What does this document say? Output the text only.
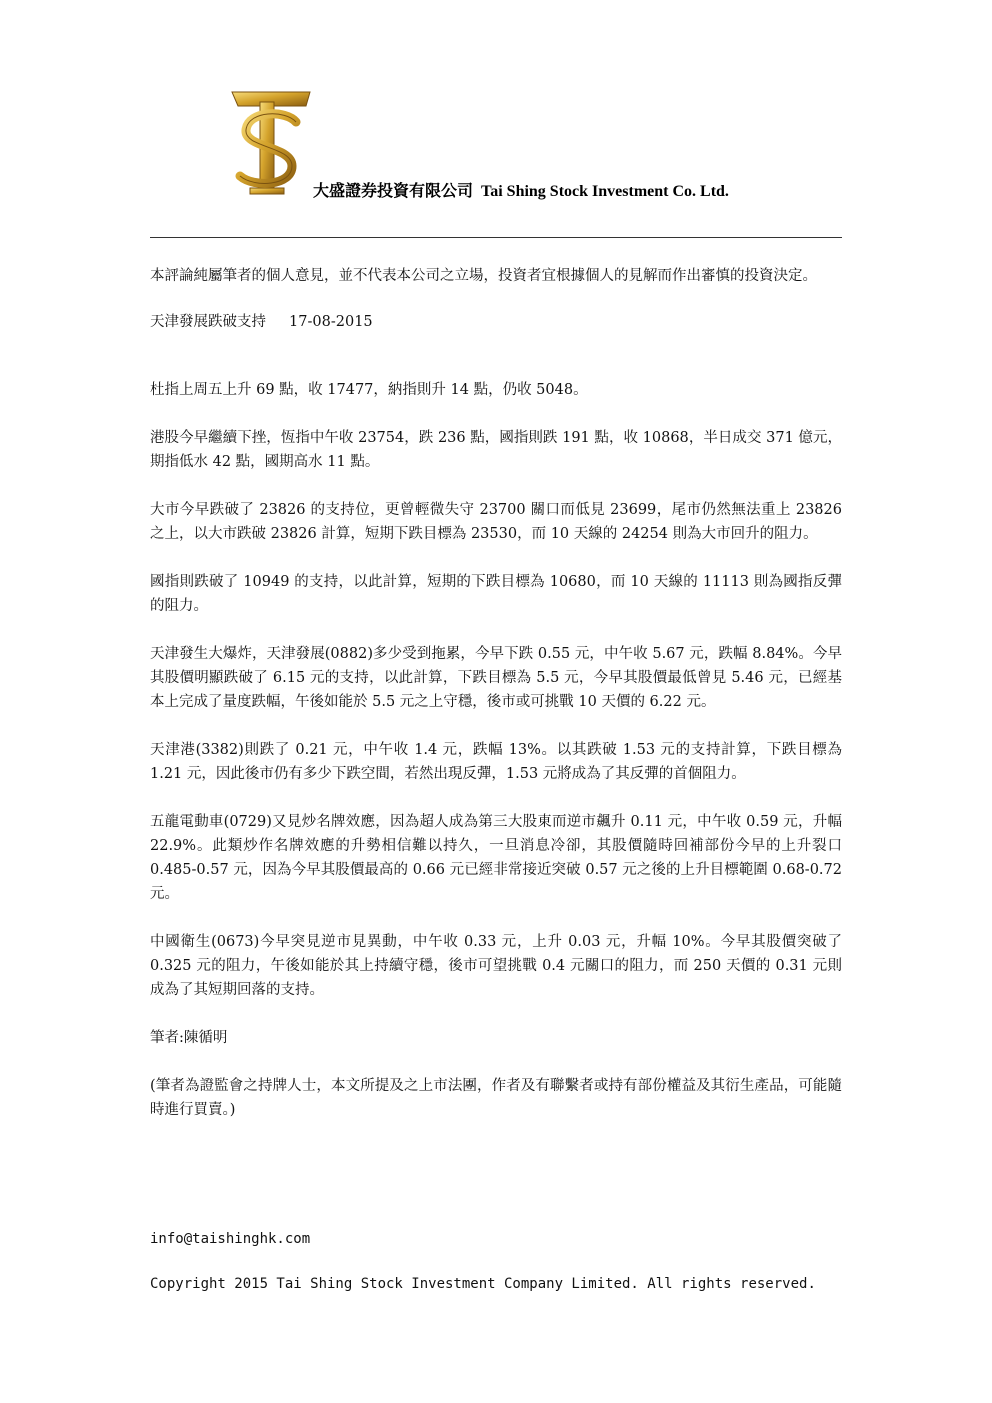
大盛證券投資有限公司 Tai Shing Stock Investment Co. Ltd.

本評論純屬筆者的個人意見，並不代表本公司之立場，投資者宜根據個人的見解而作出審慎的投資決定。

天津發展跌破支持 17-08-2015

杜指上周五上升 69 點，收 17477，納指則升 14 點，仍收 5048。

港股今早繼續下挫，恆指中午收 23754，跌 236 點，國指則跌 191 點，收 10868，半日成交 371 億元，期指低水 42 點，國期高水 11 點。

大市今早跌破了 23826 的支持位，更曾輕微失守 23700 關口而低見 23699，尾市仍然無法重上 23826 之上，以大市跌破 23826 計算，短期下跌目標為 23530，而 10 天線的 24254 則為大市回升的阻力。

國指則跌破了 10949 的支持，以此計算，短期的下跌目標為 10680，而 10 天線的 11113 則為國指反彈的阻力。

天津發生大爆炸，天津發展(0882)多少受到拖累，今早下跌 0.55 元，中午收 5.67 元，跌幅 8.84%。今早其股價明顯跌破了 6.15 元的支持，以此計算，下跌目標為 5.5 元，今早其股價最低曾見 5.46 元，已經基本上完成了量度跌幅，午後如能於 5.5 元之上守穩，後市或可挑戰 10 天價的 6.22 元。

天津港(3382)則跌了 0.21 元，中午收 1.4 元，跌幅 13%。以其跌破 1.53 元的支持計算，下跌目標為 1.21 元，因此後市仍有多少下跌空間，若然出現反彈，1.53 元將成為了其反彈的首個阻力。

五龍電動車(0729)又見炒名牌效應，因為超人成為第三大股東而逆市飆升 0.11 元，中午收 0.59 元，升幅 22.9%。此類炒作名牌效應的升勢相信難以持久，一旦消息冷卻，其股價隨時回補部份今早的上升裂口 0.485-0.57 元，因為今早其股價最高的 0.66 元已經非常接近突破 0.57 元之後的上升目標範圍 0.68-0.72 元。

中國衛生(0673)今早突見逆市見異動，中午收 0.33 元，上升 0.03 元，升幅 10%。今早其股價突破了 0.325 元的阻力，午後如能於其上持續守穩，後市可望挑戰 0.4 元關口的阻力，而 250 天價的 0.31 元則成為了其短期回落的支持。

筆者:陳循明

(筆者為證監會之持牌人士，本文所提及之上市法團，作者及有聯繫者或持有部份權益及其衍生產品，可能隨時進行買賣。)

info@taishinghk.com
Copyright 2015 Tai Shing Stock Investment Company Limited. All rights reserved.
